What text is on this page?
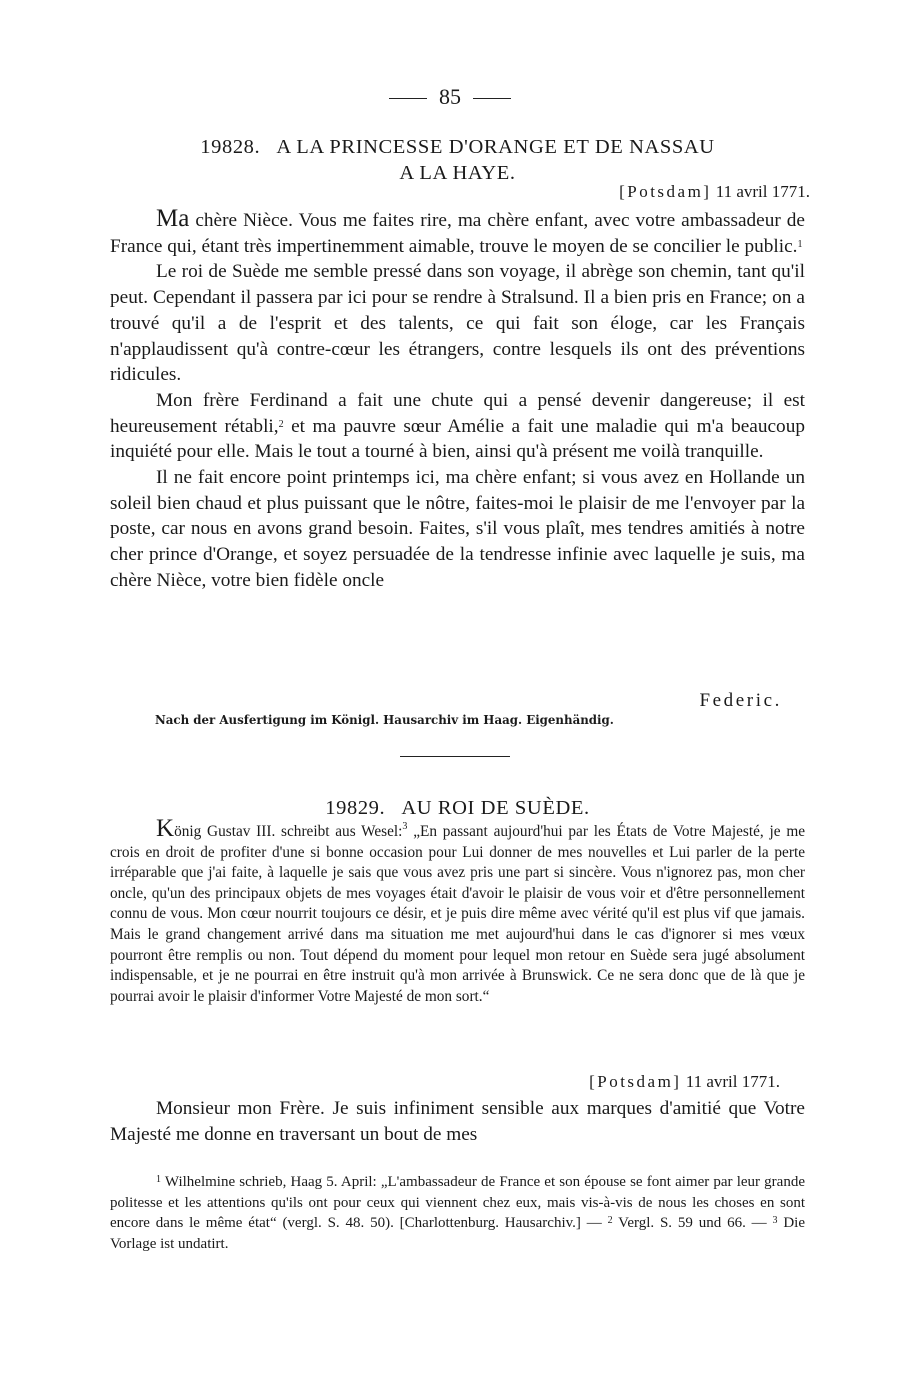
85
19828. A LA PRINCESSE D'ORANGE ET DE NASSAU
A LA HAYE.
[Potsdam] 11 avril 1771.

Ma chère Nièce. Vous me faites rire, ma chère enfant, avec votre ambassadeur de France qui, étant très impertinemment aimable, trouve le moyen de se concilier le public.$^1$

Le roi de Suède me semble pressé dans son voyage, il abrège son chemin, tant qu'il peut. Cependant il passera par ici pour se rendre à Stralsund. Il a bien pris en France; on a trouvé qu'il a de l'esprit et des talents, ce qui fait son éloge, car les Français n'applaudissent qu'à contre-cœur les étrangers, contre lesquels ils ont des préventions ridicules.

Mon frère Ferdinand a fait une chute qui a pensé devenir dangereuse; il est heureusement rétabli,$^2$ et ma pauvre sœur Amélie a fait une maladie qui m'a beaucoup inquiété pour elle. Mais le tout a tourné à bien, ainsi qu'à présent me voilà tranquille.

Il ne fait encore point printemps ici, ma chère enfant; si vous avez en Hollande un soleil bien chaud et plus puissant que le nôtre, faites-moi le plaisir de me l'envoyer par la poste, car nous en avons grand besoin. Faites, s'il vous plaît, mes tendres amitiés à notre cher prince d'Orange, et soyez persuadée de la tendresse infinie avec laquelle je suis, ma chère Nièce, votre bien fidèle oncle

Federic.
Nach der Ausfertigung im Königl. Hausarchiv im Haag. Eigenhändig.
19829. AU ROI DE SUÈDE.

König Gustav III. schreibt aus Wesel:$^3$ „En passant aujourd'hui par les États de Votre Majesté, je me crois en droit de profiter d'une si bonne occasion pour Lui donner de mes nouvelles et Lui parler de la perte irréparable que j'ai faite, à laquelle je sais que vous avez pris une part si sincère. Vous n'ignorez pas, mon cher oncle, qu'un des principaux objets de mes voyages était d'avoir le plaisir de vous voir et d'être personnellement connu de vous. Mon cœur nourrit toujours ce désir, et je puis dire même avec vérité qu'il est plus vif que jamais. Mais le grand changement arrivé dans ma situation me met aujourd'hui dans le cas d'ignorer si mes vœux pourront être remplis ou non. Tout dépend du moment pour lequel mon retour en Suède sera jugé absolument indispensable, et je ne pourrai en être instruit qu'à mon arrivée à Brunswick. Ce ne sera donc que de là que je pourrai avoir le plaisir d'informer Votre Majesté de mon sort.“

[Potsdam] 11 avril 1771.

Monsieur mon Frère. Je suis infiniment sensible aux marques d'amitié que Votre Majesté me donne en traversant un bout de mes

$^1$ Wilhelmine schrieb, Haag 5. April: „L'ambassadeur de France et son épouse se font aimer par leur grande politesse et les attentions qu'ils ont pour ceux qui viennent chez eux, mais vis-à-vis de nous les choses en sont encore dans le même état“ (vergl. S. 48. 50). [Charlottenburg. Hausarchiv.] — $^2$ Vergl. S. 59 und 66. — $^3$ Die Vorlage ist undatirt.
